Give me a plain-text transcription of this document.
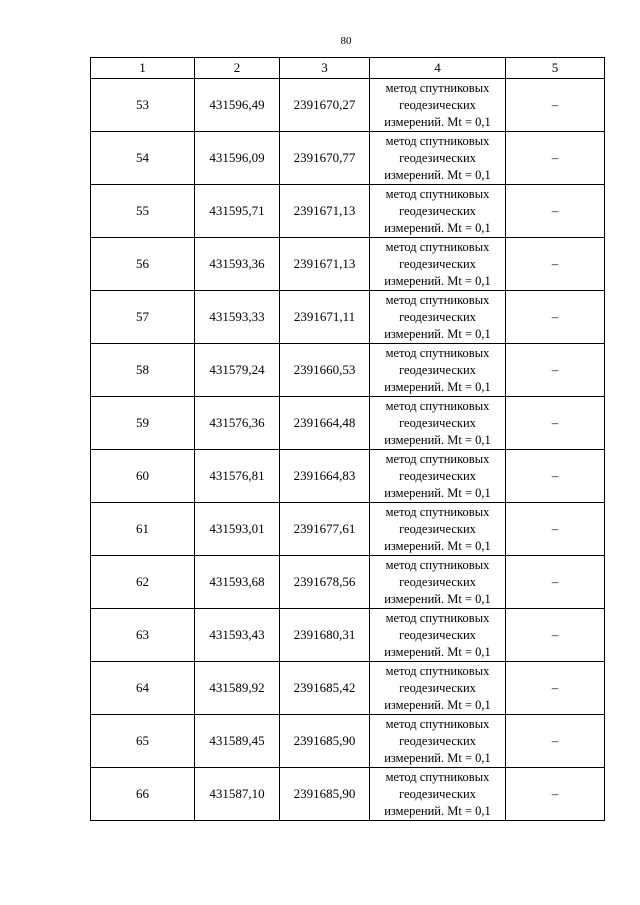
80
1	2	3	4	5
53	431596,49	2391670,27	метод спутниковых
геодезических
измерений. Mt = 0,1	–
54	431596,09	2391670,77	метод спутниковых
геодезических
измерений. Mt = 0,1	–
55	431595,71	2391671,13	метод спутниковых
геодезических
измерений. Mt = 0,1	–
56	431593,36	2391671,13	метод спутниковых
геодезических
измерений. Mt = 0,1	–
57	431593,33	2391671,11	метод спутниковых
геодезических
измерений. Mt = 0,1	–
58	431579,24	2391660,53	метод спутниковых
геодезических
измерений. Mt = 0,1	–
59	431576,36	2391664,48	метод спутниковых
геодезических
измерений. Mt = 0,1	–
60	431576,81	2391664,83	метод спутниковых
геодезических
измерений. Mt = 0,1	–
61	431593,01	2391677,61	метод спутниковых
геодезических
измерений. Mt = 0,1	–
62	431593,68	2391678,56	метод спутниковых
геодезических
измерений. Mt = 0,1	–
63	431593,43	2391680,31	метод спутниковых
геодезических
измерений. Mt = 0,1	–
64	431589,92	2391685,42	метод спутниковых
геодезических
измерений. Mt = 0,1	–
65	431589,45	2391685,90	метод спутниковых
геодезических
измерений. Mt = 0,1	–
66	431587,10	2391685,90	метод спутниковых
геодезических
измерений. Mt = 0,1	–
